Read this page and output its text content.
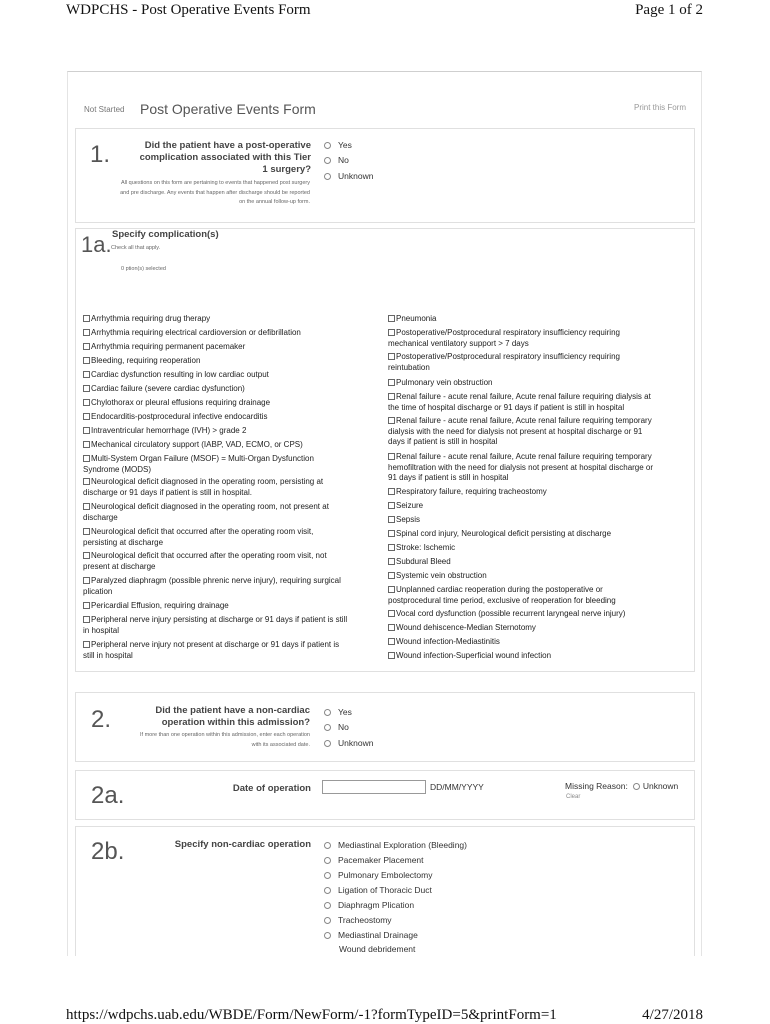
WDPCHS - Post Operative Events Form	Page 1 of 2
https://wdpchs.uab.edu/WBDE/Form/NewForm/-1?formTypeID=5&printForm=1	4/27/2018
Not Started Post Operative Events Form	Print this Form
1.	Did the patient have a post-operative
complication associated with this Tier
1 surgery?
All questions on this form are pertaining to events that happened post surgery
and pre discharge. Any events that happen after discharge should be reported
on the annual follow-up form.
Yes
No
Unknown
1a. Specify complication(s)
Check all that apply.
0 ption(s) selected
Arrhythmia requiring drug therapy
Arrhythmia requiring electrical cardioversion or defibrillation
Arrhythmia requiring permanent pacemaker
Bleeding, requiring reoperation
Cardiac dysfunction resulting in low cardiac output
Cardiac failure (severe cardiac dysfunction)
Chylothorax or pleural effusions requiring drainage
Endocarditis-postprocedural infective endocarditis
Intraventricular hemorrhage (IVH) > grade 2
Mechanical circulatory support (IABP, VAD, ECMO, or CPS)
Multi-System Organ Failure (MSOF) = Multi-Organ Dysfunction
Syndrome (MODS)
Neurological deficit diagnosed in the operating room, persisting at
discharge or 91 days if patient is still in hospital.
Neurological deficit diagnosed in the operating room, not present at
discharge
Neurological deficit that occurred after the operating room visit,
persisting at discharge
Neurological deficit that occurred after the operating room visit, not
present at discharge
Paralyzed diaphragm (possible phrenic nerve injury), requiring surgical
plication
Pericardial Effusion, requiring drainage
Peripheral nerve injury persisting at discharge or 91 days if patient is still
in hospital
Peripheral nerve injury not present at discharge or 91 days if patient is
still in hospital
Pneumonia
Postoperative/Postprocedural respiratory insufficiency requiring
mechanical ventilatory support > 7 days
Postoperative/Postprocedural respiratory insufficiency requiring
reintubation
Pulmonary vein obstruction
Renal failure - acute renal failure, Acute renal failure requiring dialysis at
the time of hospital discharge or 91 days if patient is still in hospital
Renal failure - acute renal failure, Acute renal failure requiring temporary
dialysis with the need for dialysis not present at hospital discharge or 91
days if patient is still in hospital
Renal failure - acute renal failure, Acute renal failure requiring temporary
hemofiltration with the need for dialysis not present at hospital discharge or
91 days if patient is still in hospital
Respiratory failure, requiring tracheostomy
Seizure
Sepsis
Spinal cord injury, Neurological deficit persisting at discharge
Stroke: Ischemic
Subdural Bleed
Systemic vein obstruction
Unplanned cardiac reoperation during the postoperative or
postprocedural time period, exclusive of reoperation for bleeding
Vocal cord dysfunction (possible recurrent laryngeal nerve injury)
Wound dehiscence-Median Sternotomy
Wound infection-Mediastinitis
Wound infection-Superficial wound infection
2.	Did the patient have a non-cardiac
operation within this admission?
If more than one operation within this admission, enter each operation
with its associated date.
Yes
No
Unknown
2a.	Date of operation	DD/MM/YYYY	Missing Reason: Unknown
Clear
2b.	Specify non-cardiac operation	Mediastinal Exploration (Bleeding)
Pacemaker Placement
Pulmonary Embolectomy
Ligation of Thoracic Duct
Diaphragm Plication
Tracheostomy
Mediastinal Drainage
Wound debridement
